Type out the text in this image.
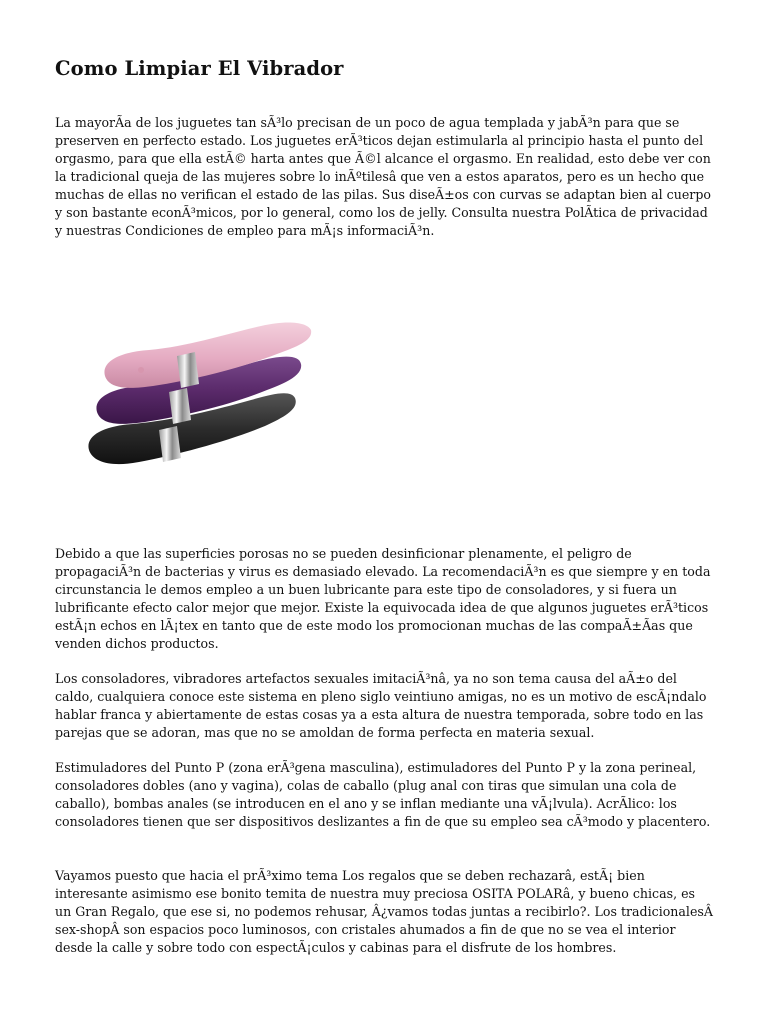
Como Limpiar El Vibrador

La mayorÃa de los juguetes tan sÃ³lo precisan de un poco de agua templada y jabÃ³n para que se preserven en perfecto estado. Los juguetes erÃ³ticos dejan estimularla al principio hasta el punto del orgasmo, para que ella estÃ© harta antes que Ã©l alcance el orgasmo. En realidad, esto debe ver con la tradicional queja de las mujeres sobre lo inÃºtilesâ que ven a estos aparatos, pero es un hecho que muchas de ellas no verifican el estado de las pilas. Sus diseÃ±os con curvas se adaptan bien al cuerpo y son bastante econÃ³micos, por lo general, como los de jelly. Consulta nuestra PolÃtica de privacidad y nuestras Condiciones de empleo para mÃ¡s informaciÃ³n.

Debido a que las superficies porosas no se pueden desinficionar plenamente, el peligro de propagaciÃ³n de bacterias y virus es demasiado elevado. La recomendaciÃ³n es que siempre y en toda circunstancia le demos empleo a un buen lubricante para este tipo de consoladores, y si fuera un lubrificante efecto calor mejor que mejor. Existe la equivocada idea de que algunos juguetes erÃ³ticos estÃ¡n echos en lÃ¡tex en tanto que de este modo los promocionan muchas de las compaÃ±Ãas que venden dichos productos.

Los consoladores, vibradores artefactos sexuales imitaciÃ³nâ, ya no son tema causa del aÃ±o del caldo, cualquiera conoce este sistema en pleno siglo veintiuno amigas, no es un motivo de escÃ¡ndalo hablar franca y abiertamente de estas cosas ya a esta altura de nuestra temporada, sobre todo en las parejas que se adoran, mas que no se amoldan de forma perfecta en materia sexual.

Estimuladores del Punto P (zona erÃ³gena masculina), estimuladores del Punto P y la zona perineal, consoladores dobles (ano y vagina), colas de caballo (plug anal con tiras que simulan una cola de caballo), bombas anales (se introducen en el ano y se inflan mediante una vÃ¡lvula). AcrÃlico: los consoladores tienen que ser dispositivos deslizantes a fin de que su empleo sea cÃ³modo y placentero.

Vayamos puesto que hacia el prÃ³ximo tema Los regalos que se deben rechazarâ, estÃ¡ bien interesante asimismo ese bonito temita de nuestra muy preciosa OSITA POLARâ, y bueno chicas, es un Gran Regalo, que ese si, no podemos rehusar, Â¿vamos todas juntas a recibirlo?. Los tradicionalesÂ sex-shopÂ son espacios poco luminosos, con cristales ahumados a fin de que no se vea el interior desde la calle y sobre todo con espectÃ¡culos y cabinas para el disfrute de los hombres.
